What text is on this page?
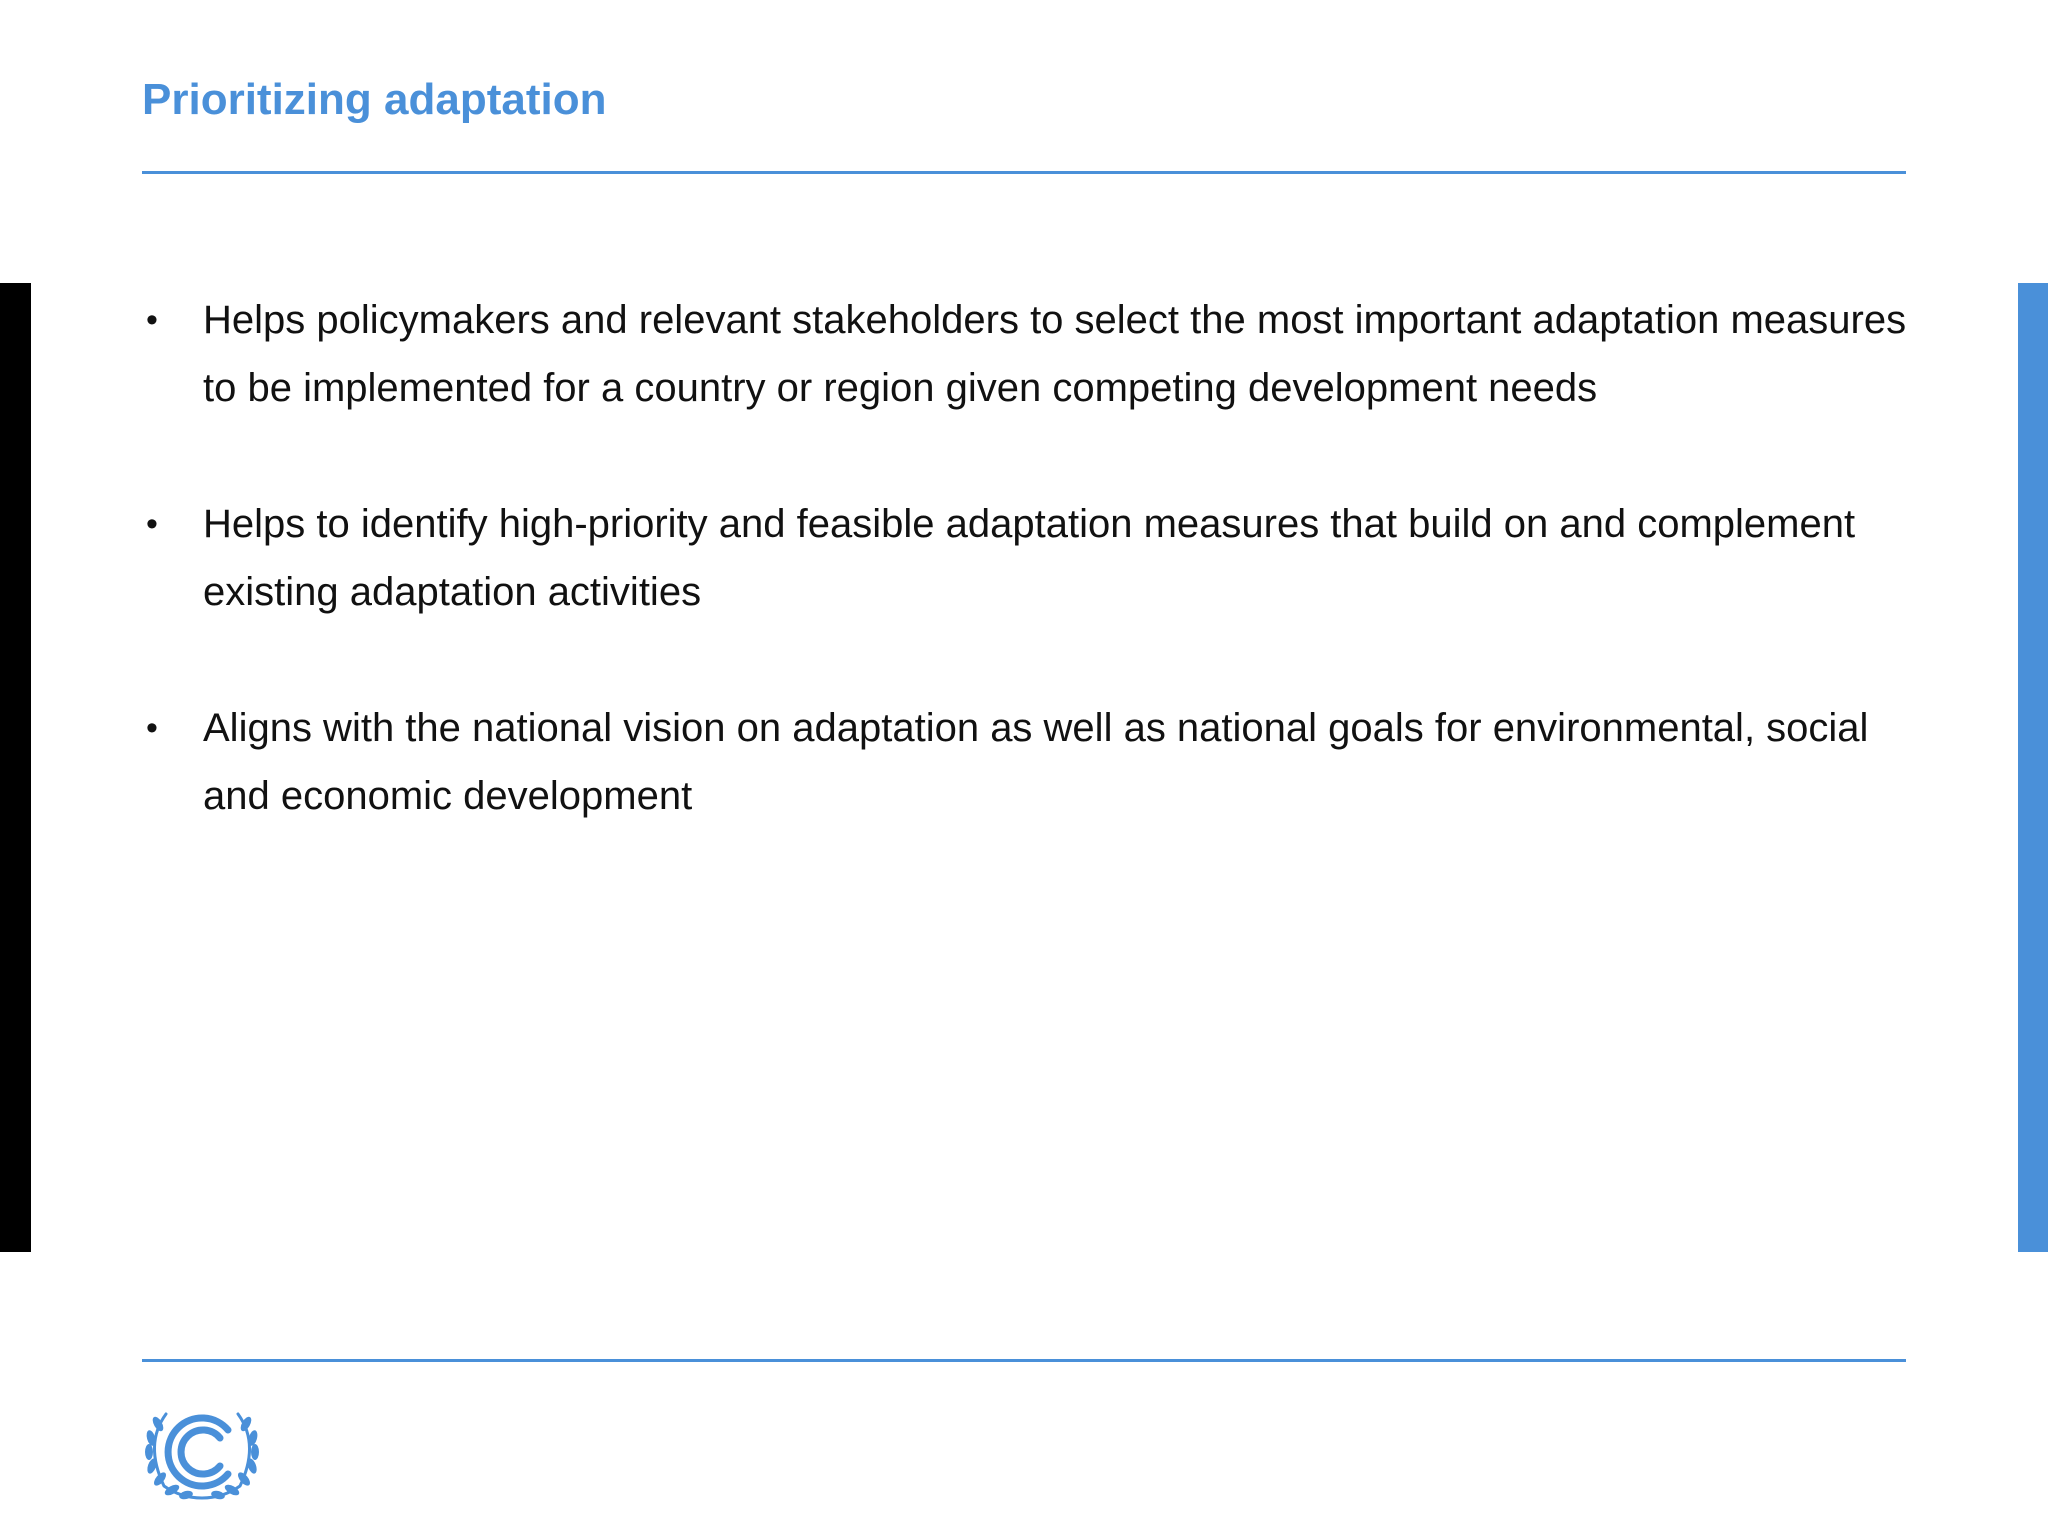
Prioritizing adaptation
• Helps policymakers and relevant stakeholders to select the most important adaptation measures to be implemented for a country or region given competing development needs
• Helps to identify high-priority and feasible adaptation measures that build on and complement existing adaptation activities
• Aligns with the national vision on adaptation as well as national goals for environmental, social and economic development
